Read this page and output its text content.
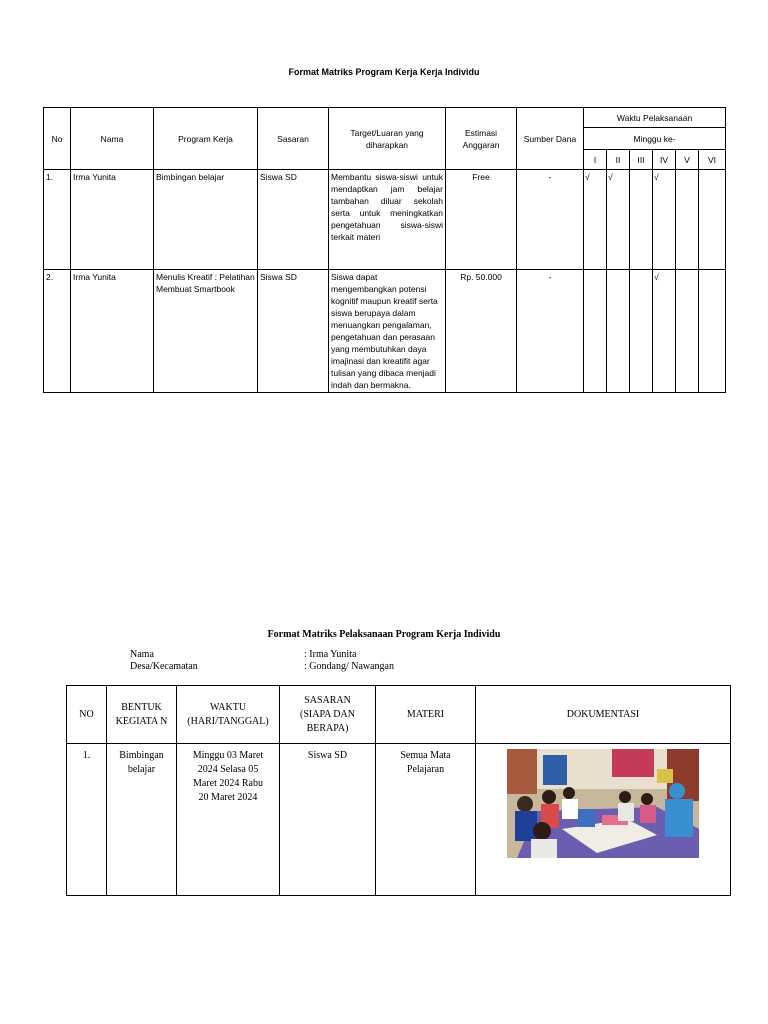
Format Matriks Program Kerja Kerja Individu
No	Nama	Program Kerja	Sasaran	Target/Luaran yang diharapkan	Estimasi Anggaran	Sumber Dana	Waktu Pelaksanaan					
							Minggu ke-					
							I	II	III	IV	V	VI
1.	Irma Yunita	Bimbingan belajar	Siswa SD	Membantu siswa-siswi untuk mendaptkan jam belajar tambahan diluar sekolah serta untuk meningkatkan pengetahuan siswa-siswi terkait materi	Free	-	√	√		√		
2.	Irma Yunita	Menulis Kreatif : Pelatihan Membuat Smartbook	Siswa SD	Siswa dapat mengembangkan potensi kognitif maupun kreatif serta siswa berupaya dalam menuangkan pengalaman, pengetahuan dan perasaan yang membutuhkan daya imajinasi dan kreatifit agar tulisan yang dibaca menjadi indah dan bermakna.	Rp. 50.000	-				√		
Format Matriks Pelaksanaan Program Kerja Individu
Nama	: Irma Yunita
Desa/Kecamatan	: Gondang/ Nawangan
NO	BENTUK KEGIATA N	WAKTU (HARI/TANGGAL)	SASARAN (SIAPA DAN BERAPA)	MATERI	DOKUMENTASI
1.	Bimbingan belajar	Minggu 03 Maret 2024 Selasa 05 Maret 2024 Rabu 20 Maret 2024	Siswa SD	Semua Mata Pelajaran	
